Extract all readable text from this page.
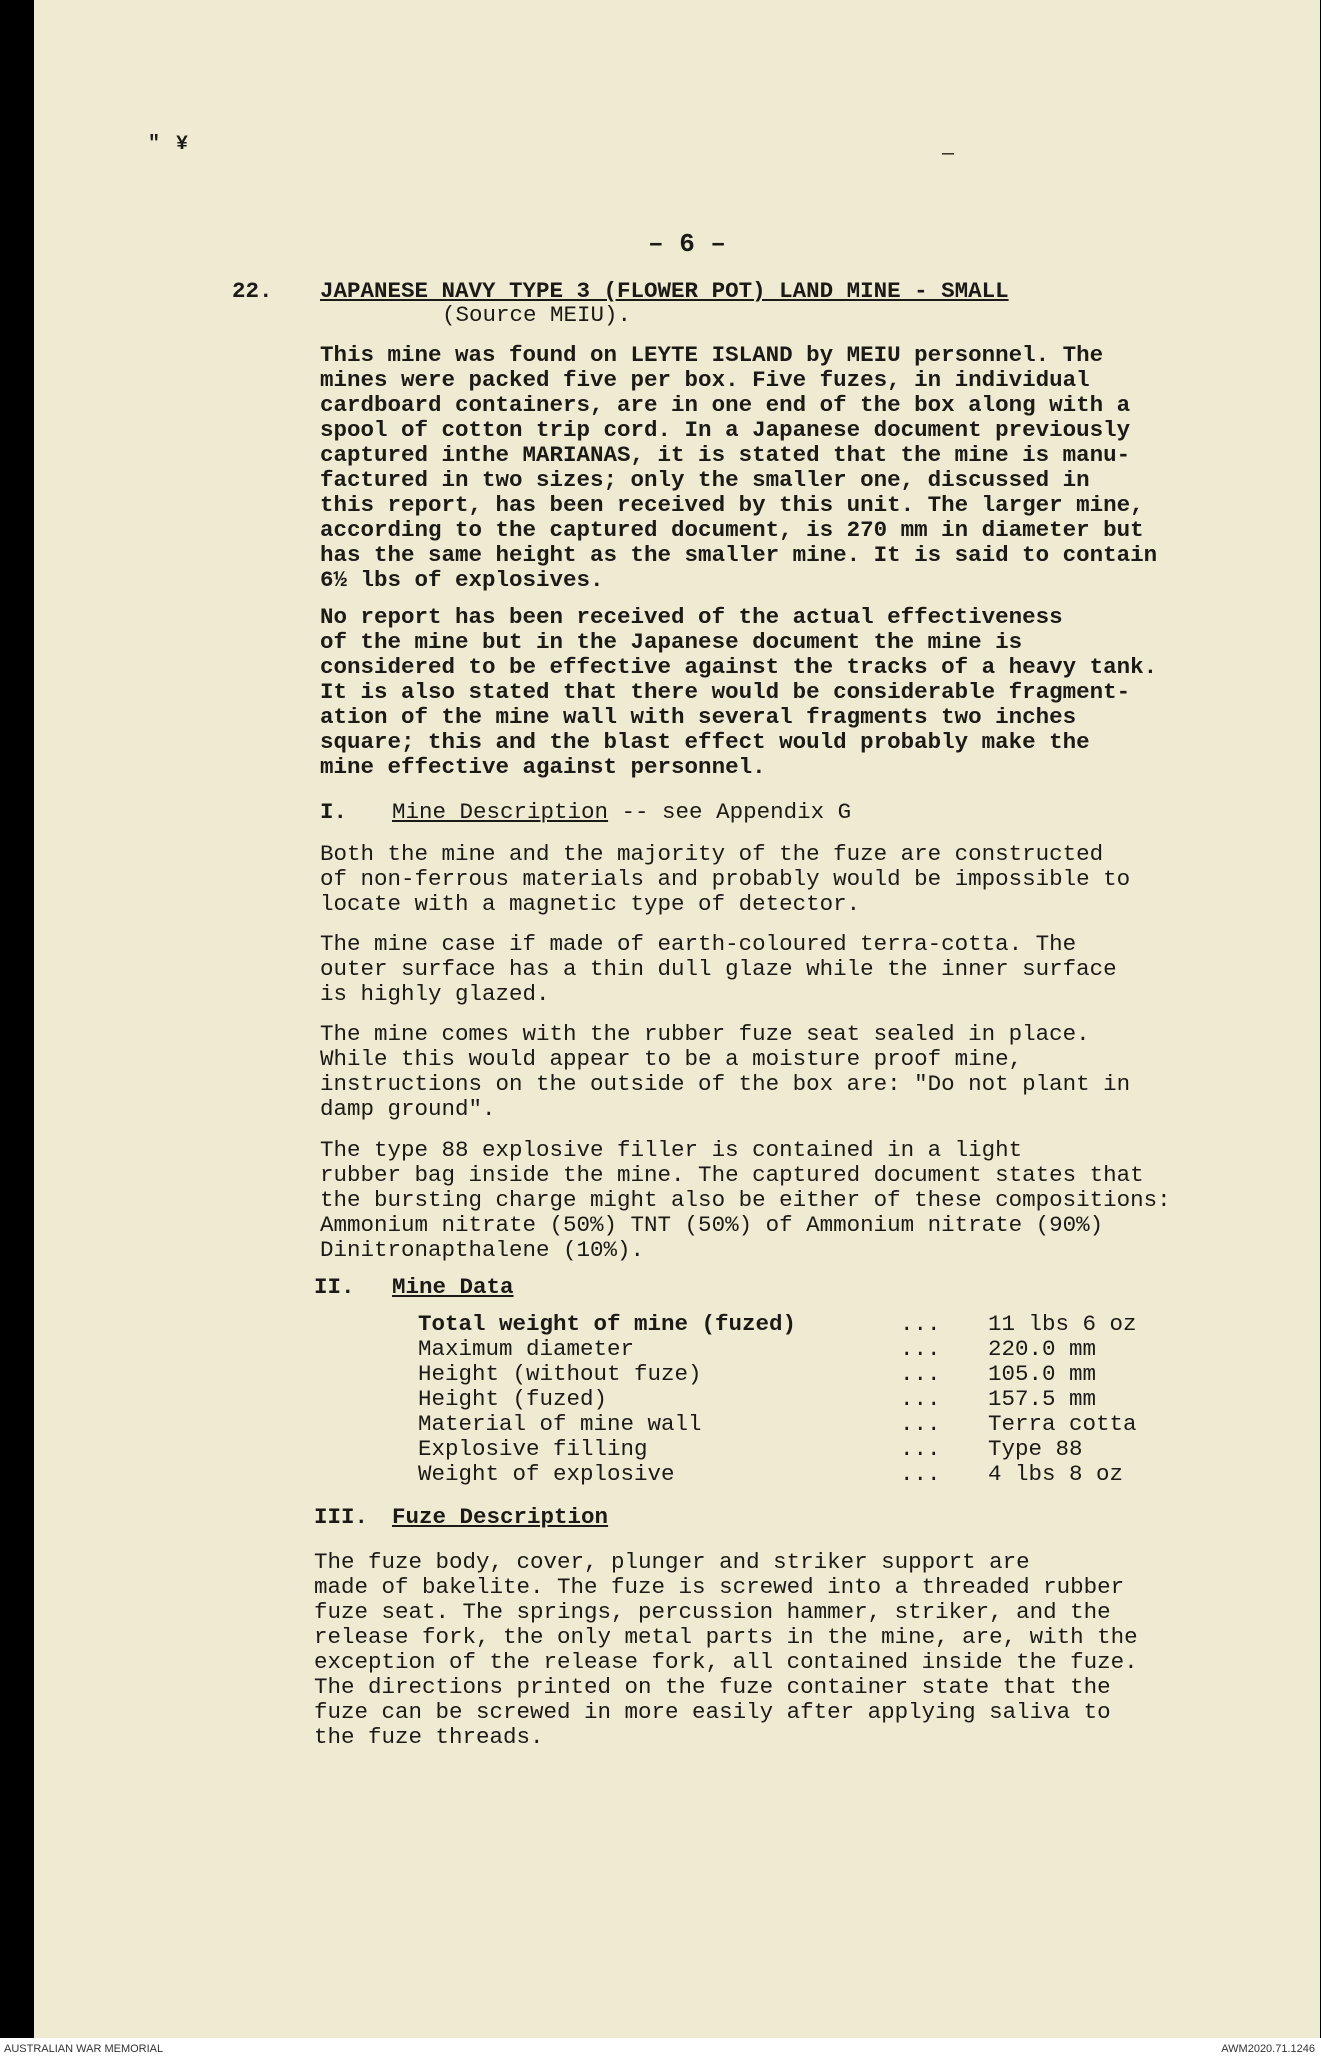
" ¥	—
– 6 –
22. JAPANESE NAVY TYPE 3 (FLOWER POT) LAND MINE - SMALL
(Source MEIU).
This mine was found on LEYTE ISLAND by MEIU personnel. The
mines were packed five per box. Five fuzes, in individual
cardboard containers, are in one end of the box along with a
spool of cotton trip cord. In a Japanese document previously
captured inthe MARIANAS, it is stated that the mine is manu-
factured in two sizes; only the smaller one, discussed in
this report, has been received by this unit. The larger mine,
according to the captured document, is 270 mm in diameter but
has the same height as the smaller mine. It is said to contain
6½ lbs of explosives.
No report has been received of the actual effectiveness
of the mine but in the Japanese document the mine is
considered to be effective against the tracks of a heavy tank.
It is also stated that there would be considerable fragment-
ation of the mine wall with several fragments two inches
square; this and the blast effect would probably make the
mine effective against personnel.
I. Mine Description -- see Appendix G
Both the mine and the majority of the fuze are constructed
of non-ferrous materials and probably would be impossible to
locate with a magnetic type of detector.
The mine case if made of earth-coloured terra-cotta. The
outer surface has a thin dull glaze while the inner surface
is highly glazed.
The mine comes with the rubber fuze seat sealed in place.
While this would appear to be a moisture proof mine,
instructions on the outside of the box are: "Do not plant in
damp ground".
The type 88 explosive filler is contained in a light
rubber bag inside the mine. The captured document states that
the bursting charge might also be either of these compositions:
Ammonium nitrate (50%) TNT (50%) of Ammonium nitrate (90%)
Dinitronapthalene (10%).
II. Mine Data
Total weight of mine (fuzed)	... 11 lbs 6 oz
Maximum diameter	... 220.0 mm
Height (without fuze)	... 105.0 mm
Height (fuzed)	... 157.5 mm
Material of mine wall	... Terra cotta
Explosive filling	... Type 88
Weight of explosive	... 4 lbs 8 oz
III. Fuze Description
The fuze body, cover, plunger and striker support are
made of bakelite. The fuze is screwed into a threaded rubber
fuze seat. The springs, percussion hammer, striker, and the
release fork, the only metal parts in the mine, are, with the
exception of the release fork, all contained inside the fuze.
The directions printed on the fuze container state that the
fuze can be screwed in more easily after applying saliva to
the fuze threads.
AUSTRALIAN WAR MEMORIAL	AWM2020.71.1246
